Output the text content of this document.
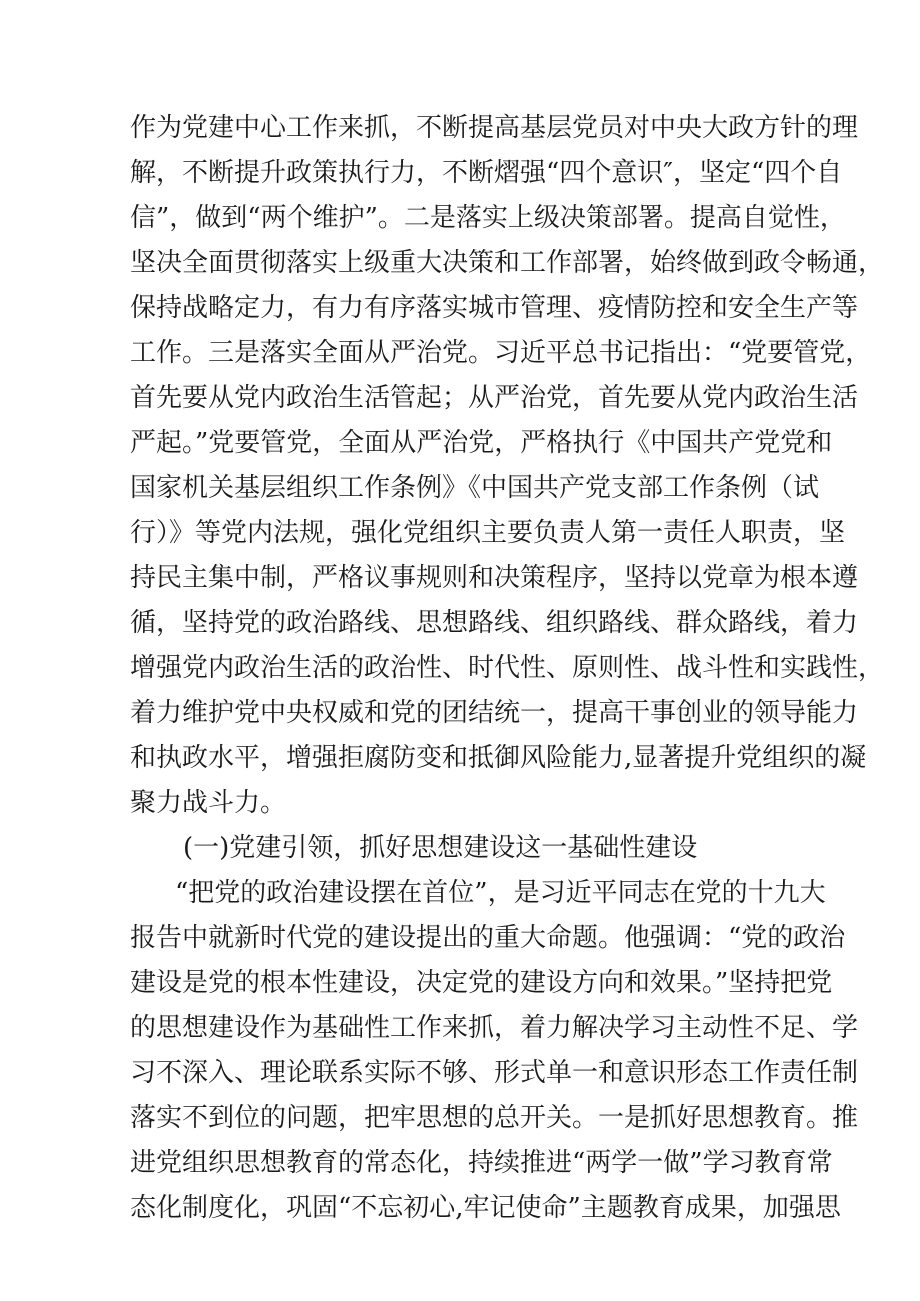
作为党建中心工作来抓，不断提高基层党员对中央大政方针的理
解，不断提升政策执行力，不断熠强“四个意识″，坚定“四个自
信”，做到“两个维护”。二是落实上级决策部署。提高自觉性，
坚决全面贯彻落实上级重大决策和工作部署，始终做到政令畅通，
保持战略定力，有力有序落实城市管理、疫情防控和安全生产等
工作。三是落实全面从严治党。习近平总书记指出：“党要管党，
首先要从党内政治生活管起；从严治党，首先要从党内政治生活
严起。”党要管党，全面从严治党，严格执行《中国共产党党和
国家机关基层组织工作条例》《中国共产党支部工作条例（试
行）》等党内法规，强化党组织主要负责人第一责任人职责，坚
持民主集中制，严格议事规则和决策程序，坚持以党章为根本遵
循，坚持党的政治路线、思想路线、组织路线、群众路线，着力
增强党内政治生活的政治性、时代性、原则性、战斗性和实践性，
着力维护党中央权威和党的团结统一，提高干事创业的领导能力
和执政水平，增强拒腐防变和抵御风险能力,显著提升党组织的凝
聚力战斗力。
(一)党建引领，抓好思想建设这一基础性建设
“把党的政治建设摆在首位”，是习近平同志在党的十九大
报告中就新时代党的建设提出的重大命题。他强调：“党的政治
建设是党的根本性建设，决定党的建设方向和效果。”坚持把党
的思想建设作为基础性工作来抓，着力解决学习主动性不足、学
习不深入、理论联系实际不够、形式单一和意识形态工作责任制
落实不到位的问题，把牢思想的总开关。一是抓好思想教育。推
进党组织思想教育的常态化，持续推进“两学一做”学习教育常
态化制度化，巩固“不忘初心,牢记使命”主题教育成果，加强思
